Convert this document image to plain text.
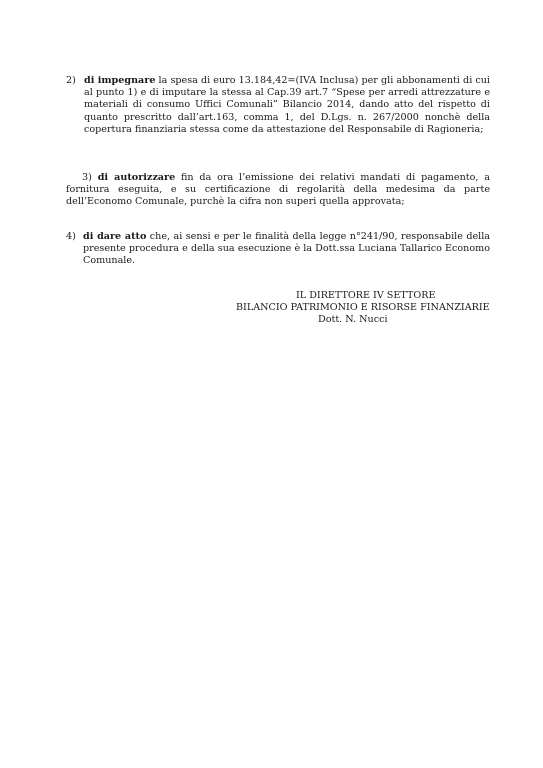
2) di impegnare la spesa di euro 13.184,42=(IVA Inclusa) per gli abbonamenti di cui al punto 1) e di imputare la stessa al Cap.39 art.7 “Spese per arredi attrezzature e materiali di consumo Uffici Comunali” Bilancio 2014, dando atto del rispetto di quanto prescritto dall’art.163, comma 1, del D.Lgs. n. 267/2000 nonchè della copertura finanziaria stessa come da attestazione del Responsabile di Ragioneria;
3) di autorizzare fin da ora l’emissione dei relativi mandati di pagamento, a fornitura eseguita, e su certificazione di regolarità della medesima da parte dell’Economo Comunale, purchè la cifra non superi quella approvata;
4) di dare atto che, ai sensi e per le finalità della legge n°241/90, responsabile della presente procedura e della sua esecuzione è la Dott.ssa Luciana Tallarico Economo Comunale.
IL DIRETTORE IV SETTORE
BILANCIO PATRIMONIO E RISORSE FINANZIARIE
Dott. N. Nucci
